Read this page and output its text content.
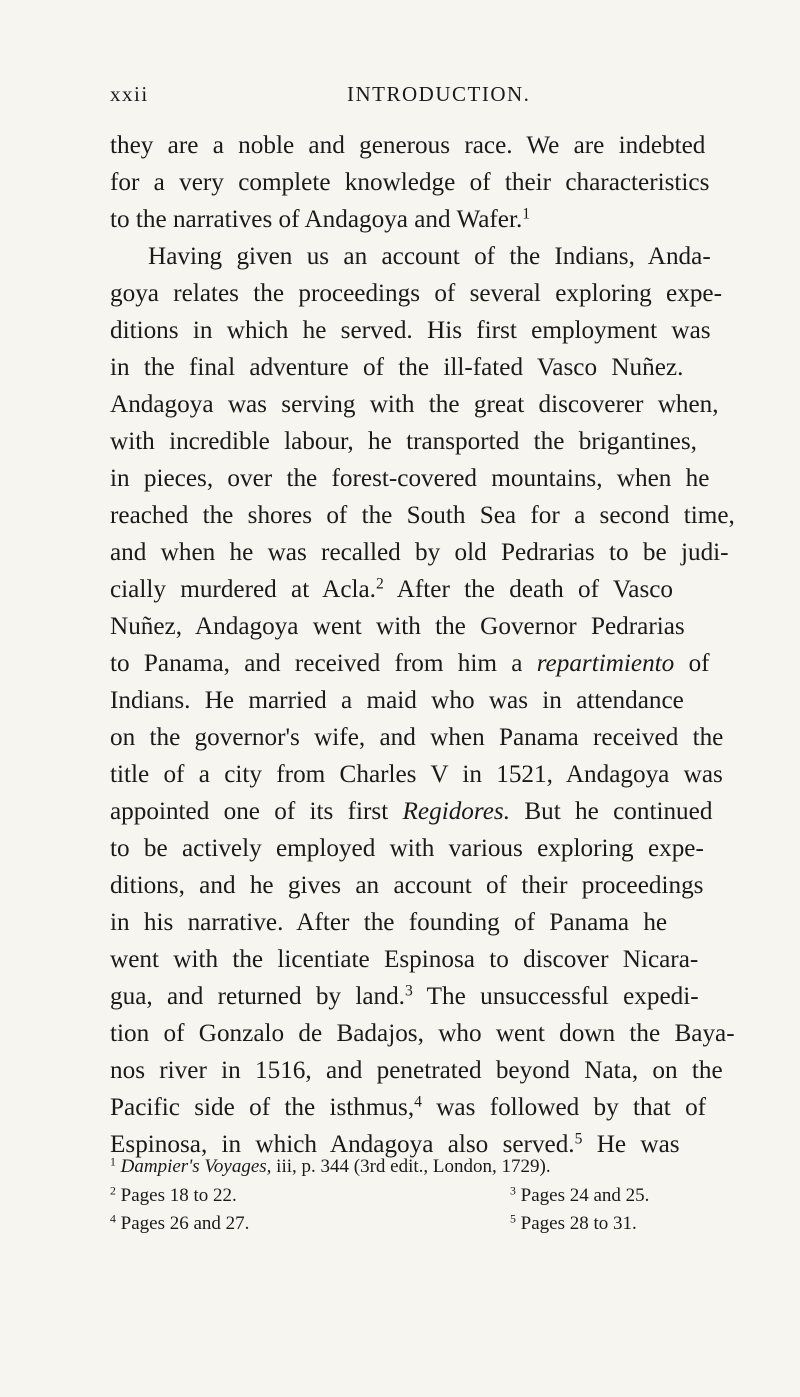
xxii	INTRODUCTION.
they are a noble and generous race. We are indebted
for a very complete knowledge of their characteristics
to the narratives of Andagoya and Wafer.$^1$
Having given us an account of the Indians, Anda-
goya relates the proceedings of several exploring expe-
ditions in which he served. His first employment was
in the final adventure of the ill-fated Vasco Nuñez.
Andagoya was serving with the great discoverer when,
with incredible labour, he transported the brigantines,
in pieces, over the forest-covered mountains, when he
reached the shores of the South Sea for a second time,
and when he was recalled by old Pedrarias to be judi-
cially murdered at Acla.$^2$ After the death of Vasco
Nuñez, Andagoya went with the Governor Pedrarias
to Panama, and received from him a repartimiento of
Indians. He married a maid who was in attendance
on the governor's wife, and when Panama received the
title of a city from Charles V in 1521, Andagoya was
appointed one of its first Regidores. But he continued
to be actively employed with various exploring expe-
ditions, and he gives an account of their proceedings
in his narrative. After the founding of Panama he
went with the licentiate Espinosa to discover Nicara-
gua, and returned by land.$^3$ The unsuccessful expedi-
tion of Gonzalo de Badajos, who went down the Baya-
nos river in 1516, and penetrated beyond Nata, on the
Pacific side of the isthmus,$^4$ was followed by that of
Espinosa, in which Andagoya also served.$^5$ He was
$^1$ Dampier's Voyages, iii, p. 344 (3rd edit., London, 1729).
$^2$ Pages 18 to 22.	$^3$ Pages 24 and 25.
$^4$ Pages 26 and 27.	$^5$ Pages 28 to 31.
